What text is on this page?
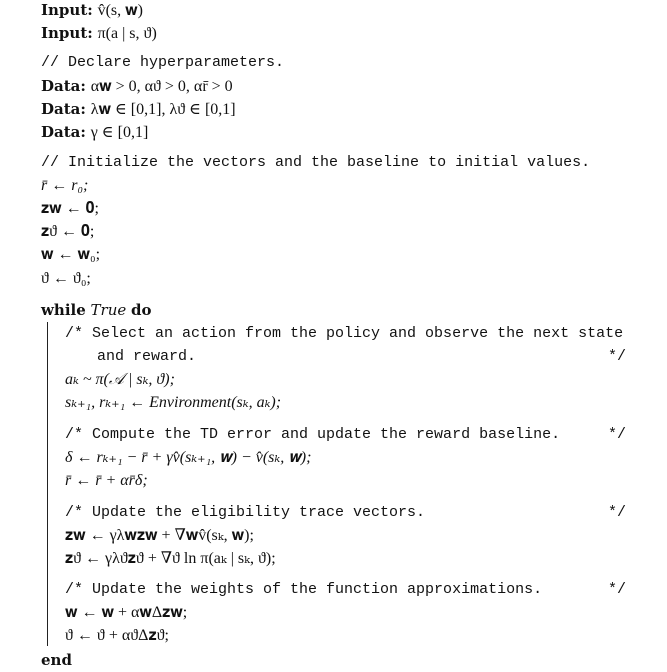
Input: v̂(s, 𝐰)
Input: π(a | s, ϑ)
// Declare hyperparameters.
Data: α𝐰 > 0, αϑ > 0, αr̄ > 0
Data: λ𝐰 ∈ [0,1], λϑ ∈ [0,1]
Data: γ ∈ [0,1]
// Initialize the vectors and the baseline to initial values.
r̄ ← r₀;
𝐳𝐰 ← 𝟎;
𝐳ϑ ← 𝟎;
𝐰 ← 𝐰₀;
ϑ ← ϑ₀;
while True do
/* Select an action from the policy and observe the next state
and reward.	*/
aₖ ~ π(𝒜 | sₖ, ϑ);
sₖ₊₁, rₖ₊₁ ← Environment(sₖ, aₖ);
/* Compute the TD error and update the reward baseline.	*/
δ ← rₖ₊₁ − r̄ + γv̂(sₖ₊₁, 𝐰) − v̂(sₖ, 𝐰);
r̄ ← r̄ + αr̄δ;
/* Update the eligibility trace vectors.	*/
𝐳𝐰 ← γλ𝐰𝐳𝐰 + ∇𝐰v̂(sₖ, 𝐰);
𝐳ϑ ← γλϑ𝐳ϑ + ∇ϑ ln π(aₖ | sₖ, ϑ);
/* Update the weights of the function approximations.	*/
𝐰 ← 𝐰 + α𝐰Δ𝐳𝐰;
ϑ ← ϑ + αϑΔ𝐳ϑ;
end
